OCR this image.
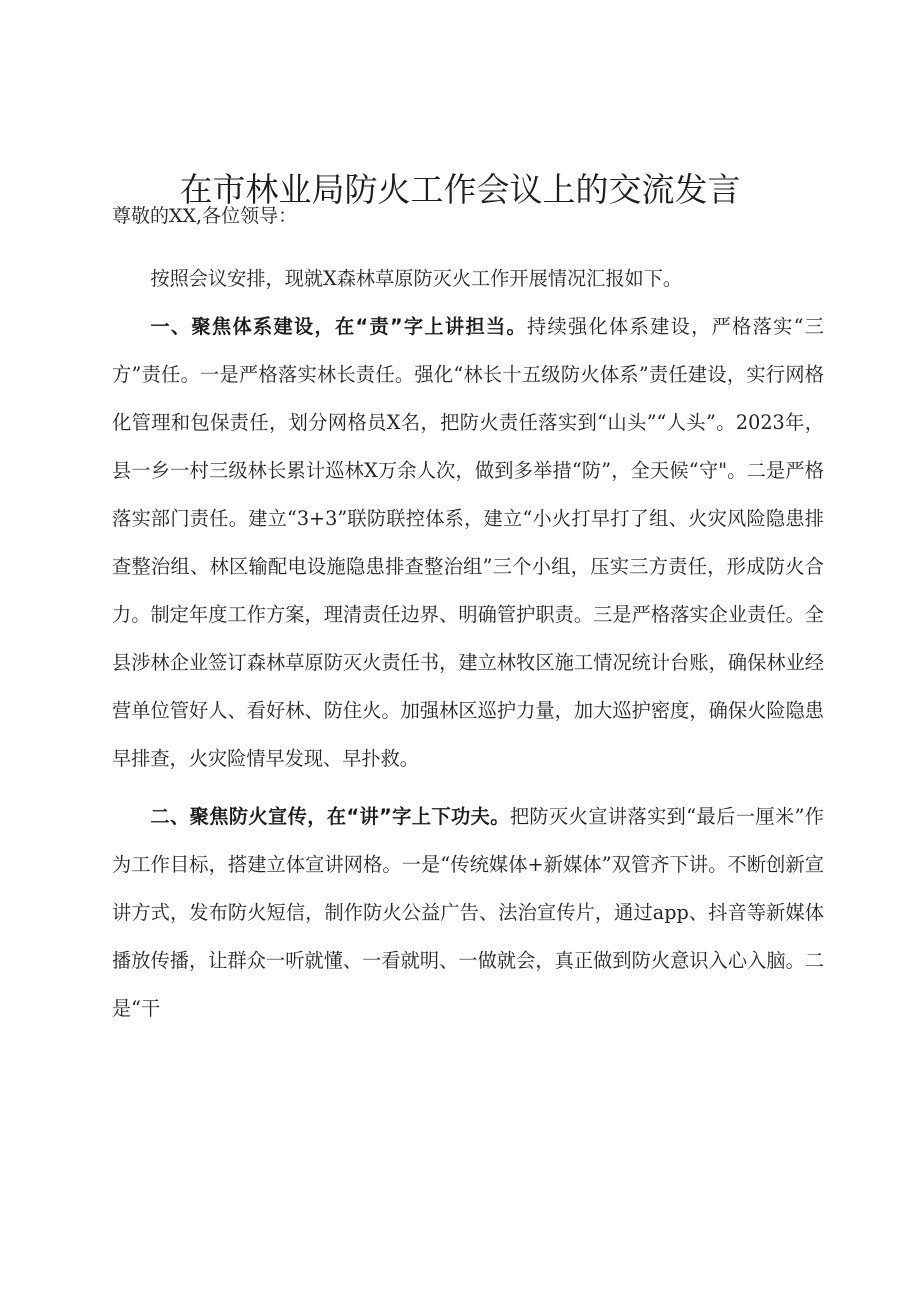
在市林业局防火工作会议上的交流发言

尊敬的XX,各位领导：

按照会议安排，现就X森林草原防灭火工作开展情况汇报如下。

一、聚焦体系建设，在“责”字上讲担当。持续强化体系建设，严格落实“三方”责任。一是严格落实林长责任。强化“林长十五级防火体系”责任建设，实行网格化管理和包保责任，划分网格员X名，把防火责任落实到“山头”“人头”。2023年，县一乡一村三级林长累计巡林X万余人次，做到多举措“防”，全天候“守"。二是严格落实部门责任。建立“3+3”联防联控体系，建立“小火打早打了组、火灾风险隐患排查整治组、林区输配电设施隐患排查整治组”三个小组，压实三方责任，形成防火合力。制定年度工作方案，理清责任边界、明确管护职责。三是严格落实企业责任。全县涉林企业签订森林草原防灭火责任书，建立林牧区施工情况统计台账，确保林业经营单位管好人、看好林、防住火。加强林区巡护力量，加大巡护密度，确保火险隐患早排查，火灾险情早发现、早扑救。

二、聚焦防火宣传，在“讲”字上下功夫。把防灭火宣讲落实到“最后一厘米”作为工作目标，搭建立体宣讲网格。一是“传统媒体+新媒体”双管齐下讲。不断创新宣讲方式，发布防火短信，制作防火公益广告、法治宣传片，通过app、抖音等新媒体播放传播，让群众一听就懂、一看就明、一做就会，真正做到防火意识入心入脑。二是“干
